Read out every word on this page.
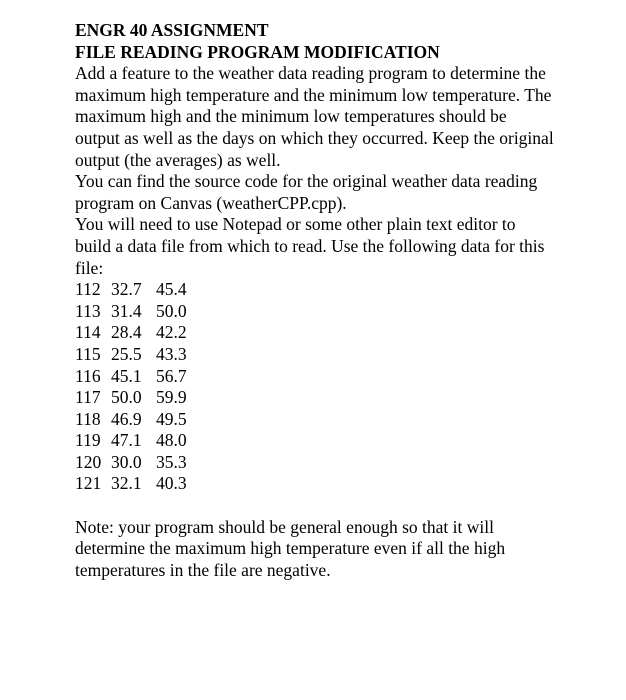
ENGR 40 ASSIGNMENT

FILE READING PROGRAM MODIFICATION

Add a feature to the weather data reading program to determine the maximum high temperature and the minimum low temperature. The maximum high and the minimum low temperatures should be output as well as the days on which they occurred. Keep the original output (the averages) as well.

You can find the source code for the original weather data reading program on Canvas (weatherCPP.cpp).

You will need to use Notepad or some other plain text editor to build a data file from which to read. Use the following data for this file:

112 32.7 45.4
113 31.4 50.0
114 28.4 42.2
115 25.5 43.3
116 45.1 56.7
117 50.0 59.9
118 46.9 49.5
119 47.1 48.0
120 30.0 35.3
121 32.1 40.3

Note: your program should be general enough so that it will determine the maximum high temperature even if all the high temperatures in the file are negative.
